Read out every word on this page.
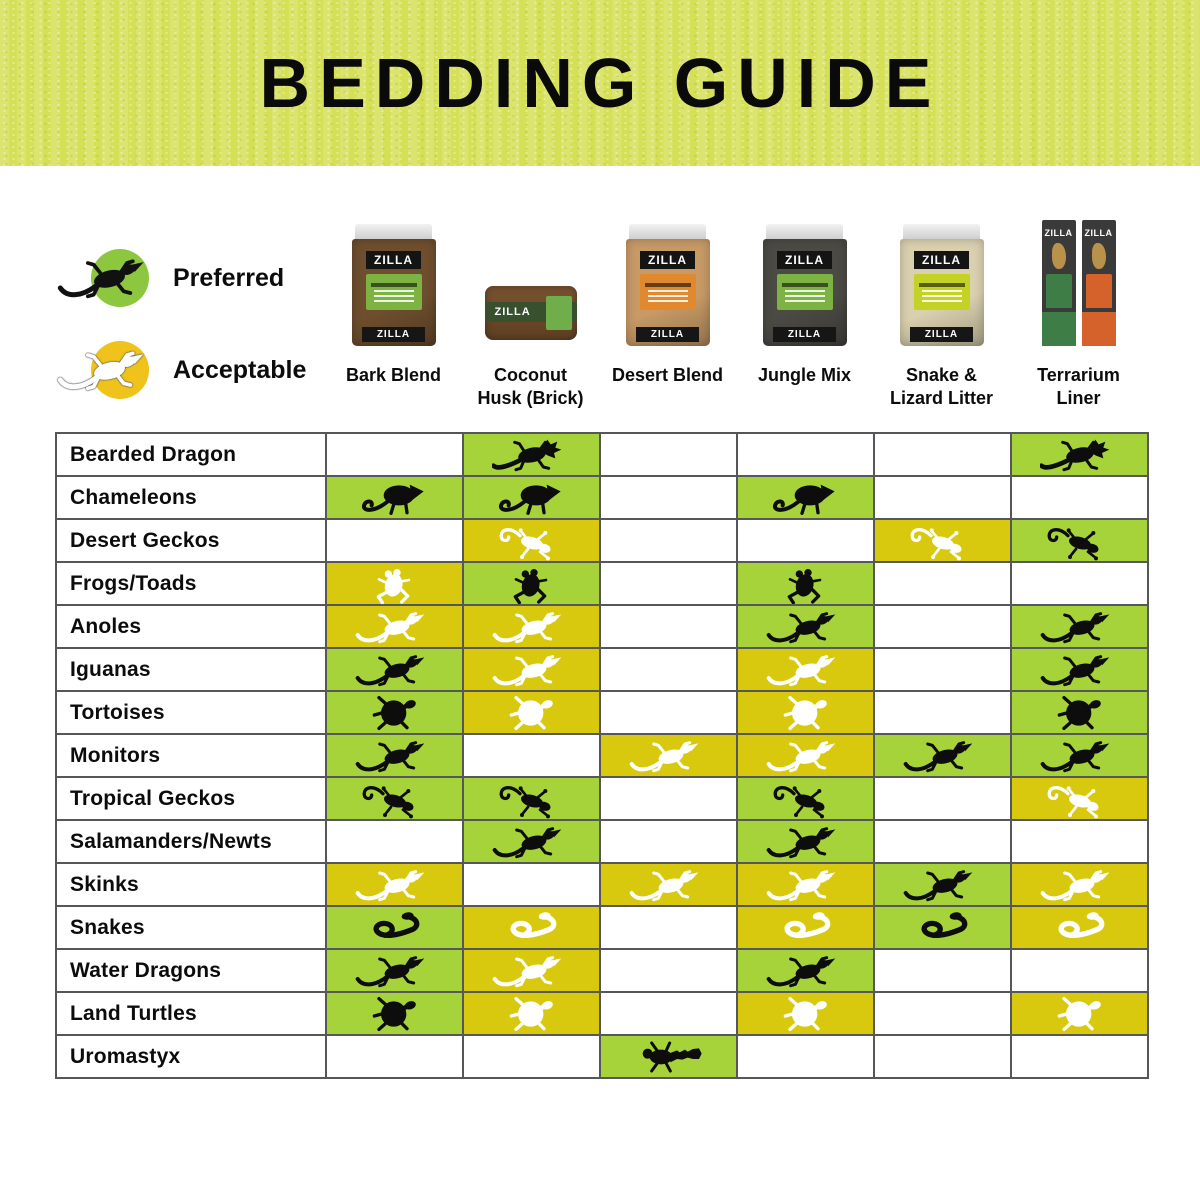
BEDDING GUIDE
Preferred
Acceptable
ZILLA
ZILLA
ZILLA
ZILLA
ZILLA
ZILLA
ZILLA
ZILLA
ZILLA
ZILLA ZILLA
Bark Blend	Coconut Husk (Brick)
Desert Blend Jungle Mix	Snake & Lizard Litter
Terrarium Liner
Bearded Dragon
Chameleons
Desert Geckos
Frogs/Toads
Anoles
Iguanas
Tortoises
Monitors
Tropical Geckos
Salamanders/Newts
Skinks
Snakes
Water Dragons
Land Turtles
Uromastyx
